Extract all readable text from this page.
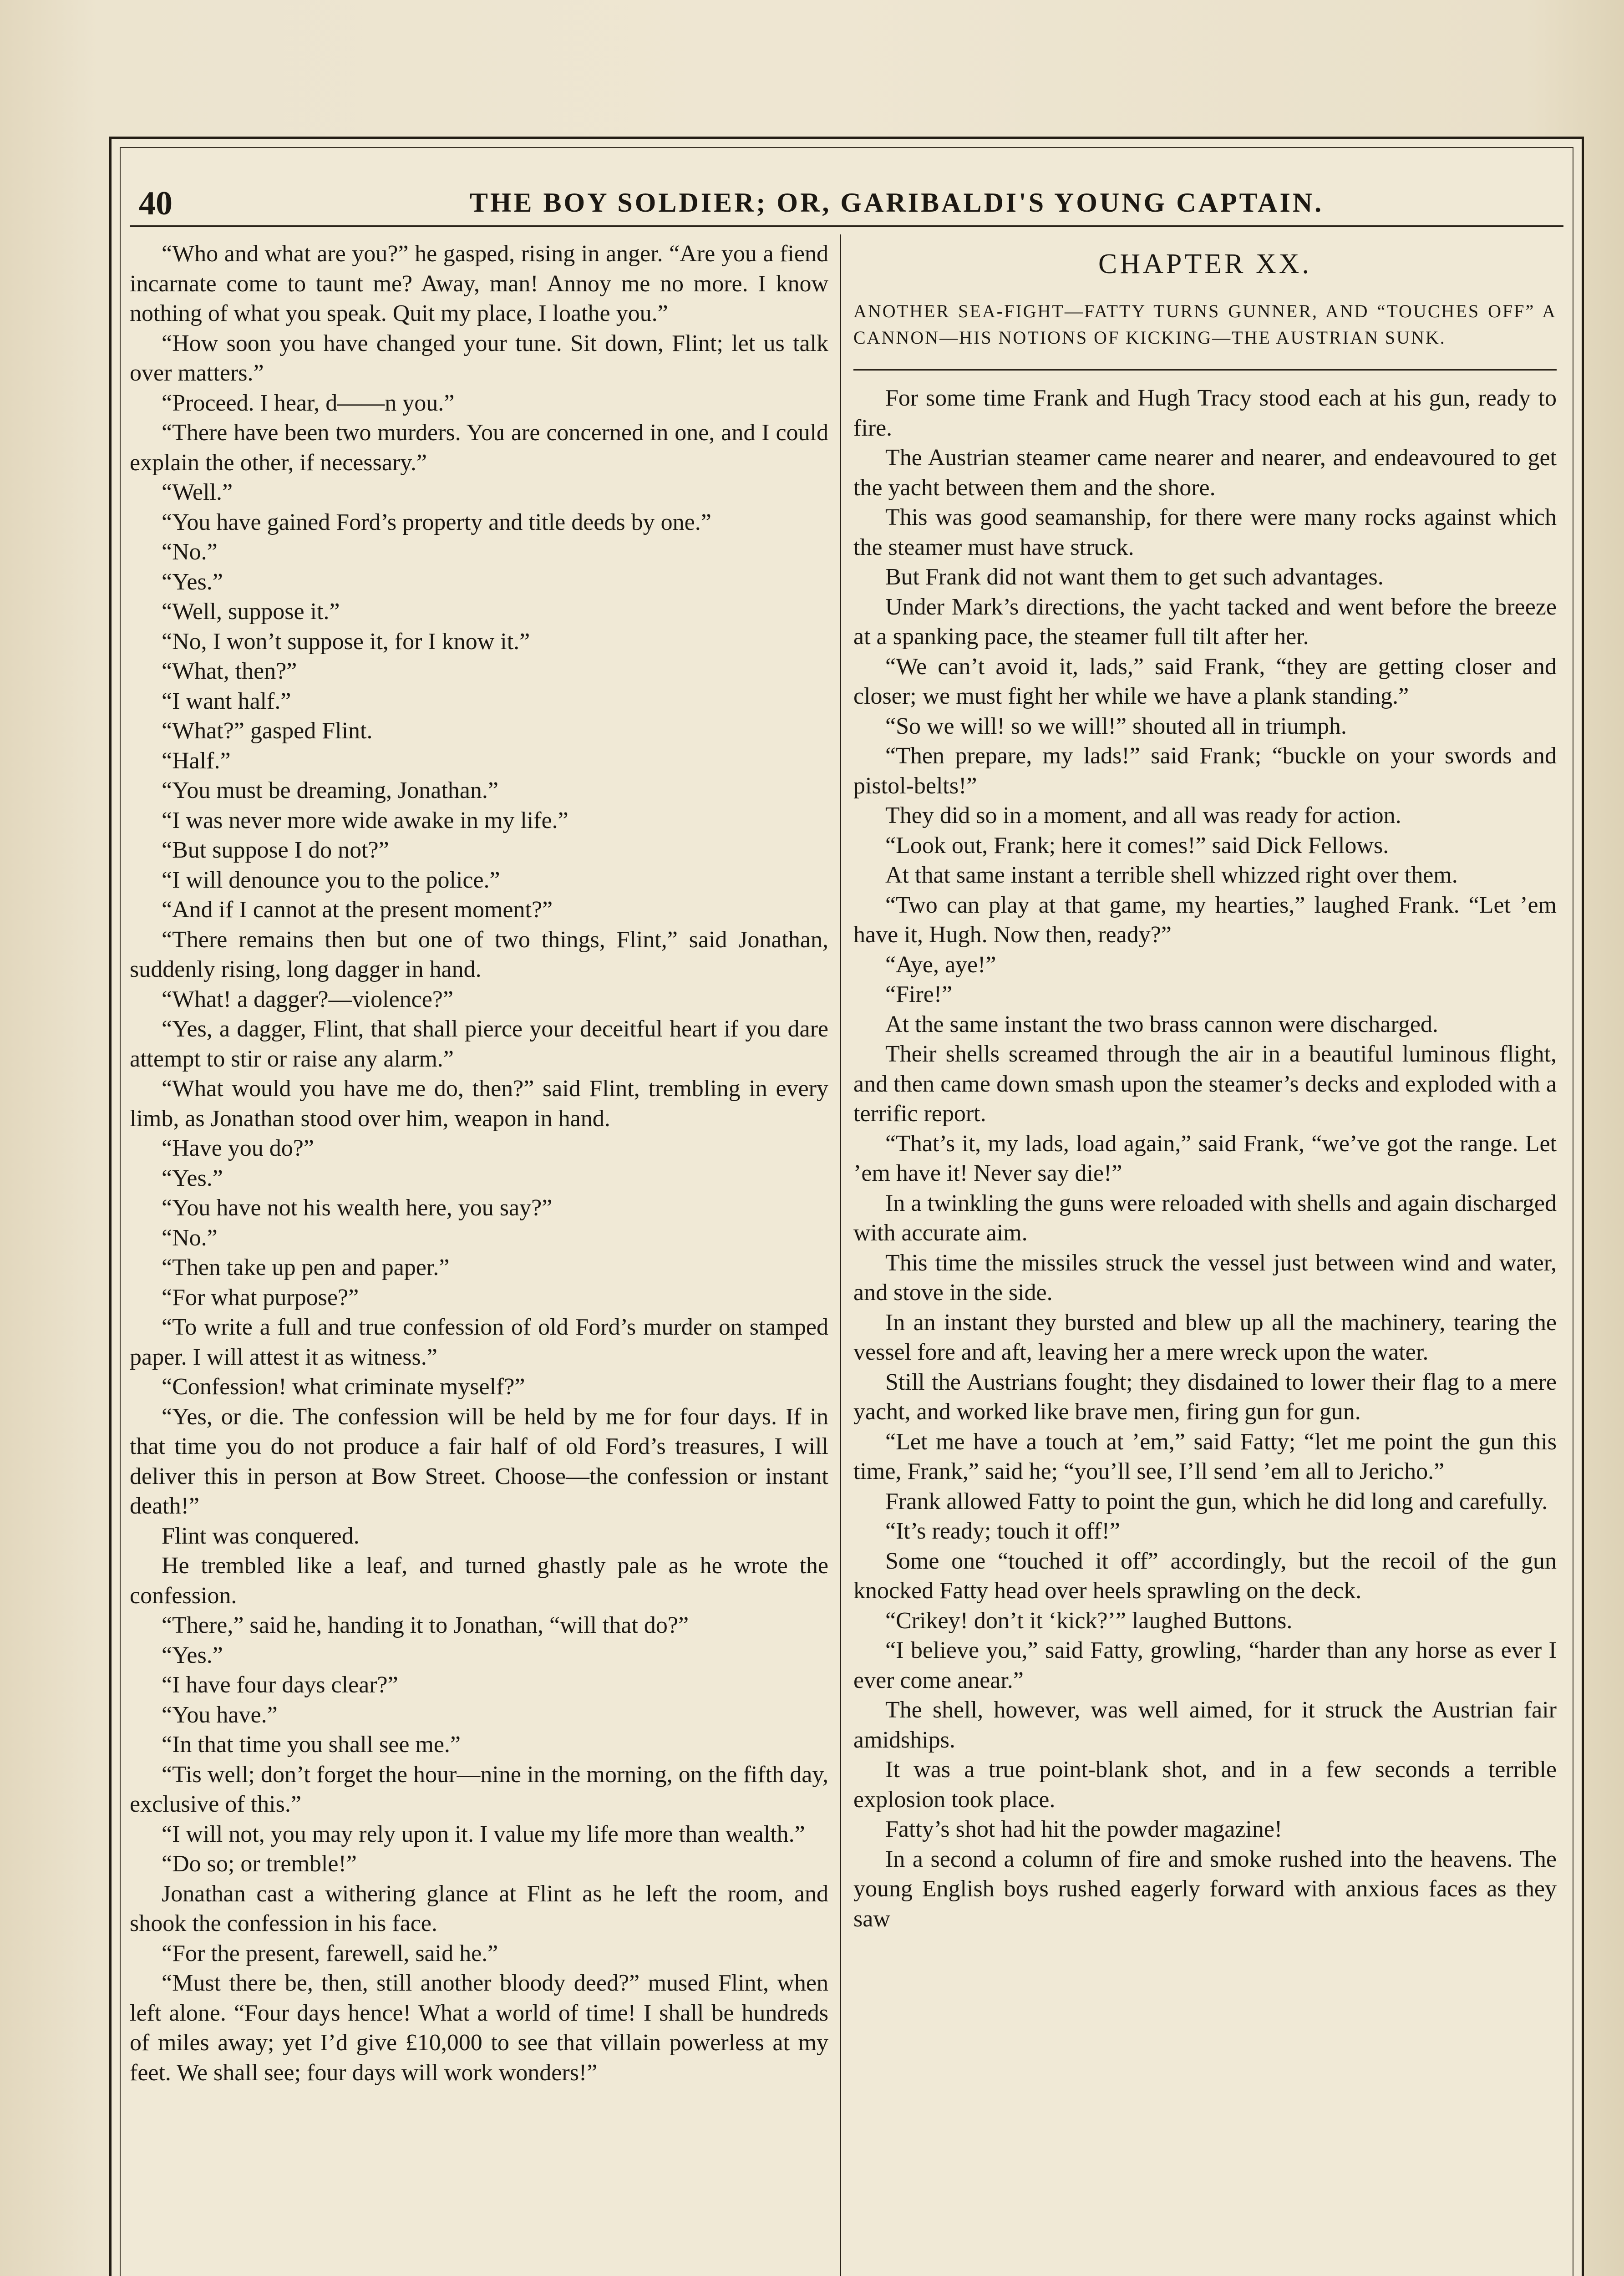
40	THE BOY SOLDIER; OR, GARIBALDI'S YOUNG CAPTAIN.

“Who and what are you?” he gasped, rising in anger. “Are you a fiend incarnate come to taunt me? Away, man! Annoy me no more. I know nothing of what you speak. Quit my place, I loathe you.”

“How soon you have changed your tune. Sit down, Flint; let us talk over matters.”

“Proceed. I hear, d——n you.”

“There have been two murders. You are concerned in one, and I could explain the other, if necessary.”

“Well.”

“You have gained Ford’s property and title deeds by one.”

“No.”

“Yes.”

“Well, suppose it.”

“No, I won’t suppose it, for I know it.”

“What, then?”

“I want half.”

“What?” gasped Flint.

“Half.”

“You must be dreaming, Jonathan.”

“I was never more wide awake in my life.”

“But suppose I do not?”

“I will denounce you to the police.”

“And if I cannot at the present moment?”

“There remains then but one of two things, Flint,” said Jonathan, suddenly rising, long dagger in hand.

“What! a dagger?—violence?”

“Yes, a dagger, Flint, that shall pierce your deceitful heart if you dare attempt to stir or raise any alarm.”

“What would you have me do, then?” said Flint, trembling in every limb, as Jonathan stood over him, weapon in hand.

“Have you do?”

“Yes.”

“You have not his wealth here, you say?”

“No.”

“Then take up pen and paper.”

“For what purpose?”

“To write a full and true confession of old Ford’s murder on stamped paper. I will attest it as witness.”

“Confession! what criminate myself?”

“Yes, or die. The confession will be held by me for four days. If in that time you do not produce a fair half of old Ford’s treasures, I will deliver this in person at Bow Street. Choose—the confession or instant death!”

Flint was conquered.

He trembled like a leaf, and turned ghastly pale as he wrote the confession.

“There,” said he, handing it to Jonathan, “will that do?”

“Yes.”

“I have four days clear?”

“You have.”

“In that time you shall see me.”

“Tis well; don’t forget the hour—nine in the morning, on the fifth day, exclusive of this.”

“I will not, you may rely upon it. I value my life more than wealth.”

“Do so; or tremble!”

Jonathan cast a withering glance at Flint as he left the room, and shook the confession in his face.

“For the present, farewell, said he.”

“Must there be, then, still another bloody deed?” mused Flint, when left alone. “Four days hence! What a world of time! I shall be hundreds of miles away; yet I’d give £10,000 to see that villain powerless at my feet. We shall see; four days will work wonders!”

CHAPTER XX.
ANOTHER SEA-FIGHT—FATTY TURNS GUNNER, AND “TOUCHES OFF” A CANNON—HIS NOTIONS OF KICKING—THE AUSTRIAN SUNK.

For some time Frank and Hugh Tracy stood each at his gun, ready to fire.

The Austrian steamer came nearer and nearer, and endeavoured to get the yacht between them and the shore.

This was good seamanship, for there were many rocks against which the steamer must have struck.

But Frank did not want them to get such advantages.

Under Mark’s directions, the yacht tacked and went before the breeze at a spanking pace, the steamer full tilt after her.

“We can’t avoid it, lads,” said Frank, “they are getting closer and closer; we must fight her while we have a plank standing.”

“So we will! so we will!” shouted all in triumph.

“Then prepare, my lads!” said Frank; “buckle on your swords and pistol-belts!”

They did so in a moment, and all was ready for action.

“Look out, Frank; here it comes!” said Dick Fellows.

At that same instant a terrible shell whizzed right over them.

“Two can play at that game, my hearties,” laughed Frank. “Let ’em have it, Hugh. Now then, ready?”

“Aye, aye!”

“Fire!”

At the same instant the two brass cannon were discharged.

Their shells screamed through the air in a beautiful luminous flight, and then came down smash upon the steamer’s decks and exploded with a terrific report.

“That’s it, my lads, load again,” said Frank, “we’ve got the range. Let ’em have it! Never say die!”

In a twinkling the guns were reloaded with shells and again discharged with accurate aim.

This time the missiles struck the vessel just between wind and water, and stove in the side.

In an instant they bursted and blew up all the machinery, tearing the vessel fore and aft, leaving her a mere wreck upon the water.

Still the Austrians fought; they disdained to lower their flag to a mere yacht, and worked like brave men, firing gun for gun.

“Let me have a touch at ’em,” said Fatty; “let me point the gun this time, Frank,” said he; “you’ll see, I’ll send ’em all to Jericho.”

Frank allowed Fatty to point the gun, which he did long and carefully.

“It’s ready; touch it off!”

Some one “touched it off” accordingly, but the recoil of the gun knocked Fatty head over heels sprawling on the deck.

“Crikey! don’t it ‘kick?’” laughed Buttons.

“I believe you,” said Fatty, growling, “harder than any horse as ever I ever come anear.”

The shell, however, was well aimed, for it struck the Austrian fair amidships.

It was a true point-blank shot, and in a few seconds a terrible explosion took place.

Fatty’s shot had hit the powder magazine!

In a second a column of fire and smoke rushed into the heavens. The young English boys rushed eagerly forward with anxious faces as they saw
